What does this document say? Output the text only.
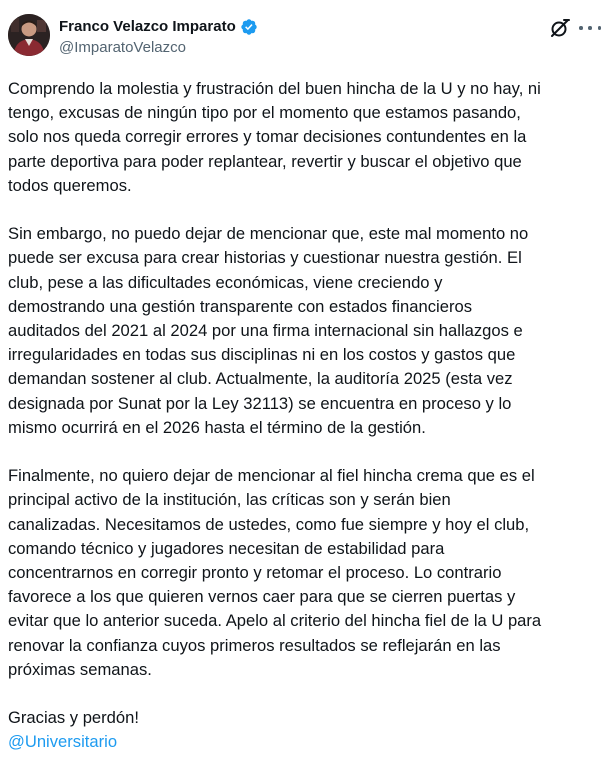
Franco Velazco Imparato
@ImparatoVelazco
Comprendo la molestia y frustración del buen hincha de la U y no hay, ni
tengo, excusas de ningún tipo por el momento que estamos pasando,
solo nos queda corregir errores y tomar decisiones contundentes en la
parte deportiva para poder replantear, revertir y buscar el objetivo que
todos queremos.
Sin embargo, no puedo dejar de mencionar que, este mal momento no
puede ser excusa para crear historias y cuestionar nuestra gestión. El
club, pese a las dificultades económicas, viene creciendo y
demostrando una gestión transparente con estados financieros
auditados del 2021 al 2024 por una firma internacional sin hallazgos e
irregularidades en todas sus disciplinas ni en los costos y gastos que
demandan sostener al club. Actualmente, la auditoría 2025 (esta vez
designada por Sunat por la Ley 32113) se encuentra en proceso y lo
mismo ocurrirá en el 2026 hasta el término de la gestión.
Finalmente, no quiero dejar de mencionar al fiel hincha crema que es el
principal activo de la institución, las críticas son y serán bien
canalizadas. Necesitamos de ustedes, como fue siempre y hoy el club,
comando técnico y jugadores necesitan de estabilidad para
concentrarnos en corregir pronto y retomar el proceso. Lo contrario
favorece a los que quieren vernos caer para que se cierren puertas y
evitar que lo anterior suceda. Apelo al criterio del hincha fiel de la U para
renovar la confianza cuyos primeros resultados se reflejarán en las
próximas semanas.
Gracias y perdón!
@Universitario
